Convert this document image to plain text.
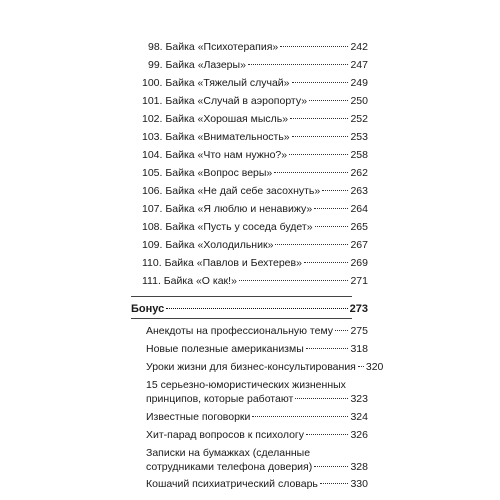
98. Байка «Психотерапия»	242
99. Байка «Лазеры»	247
100. Байка «Тяжелый случай»	249
101. Байка «Случай в аэропорту»	250
102. Байка «Хорошая мысль»	252
103. Байка «Внимательность»	253
104. Байка «Что нам нужно?»	258
105. Байка «Вопрос веры»	262
106. Байка «Не дай себе засохнуть»	263
107. Байка «Я люблю и ненавижу»	264
108. Байка «Пусть у соседа будет»	265
109. Байка «Холодильник»	267
110. Байка «Павлов и Бехтерев»	269
111. Байка «О как!»	271
Бонус	273
Анекдоты на профессиональную тему 275
Новые полезные американизмы	318
Уроки жизни для бизнес-консультирования 320
15 серьезно-юмористических жизненных
принципов, которые работают	323
Известные поговорки	324
Хит-парад вопросов к психологу	326
Записки на бумажках (сделанные
сотрудниками телефона доверия)	328
Кошачий психиатрический словарь	330
